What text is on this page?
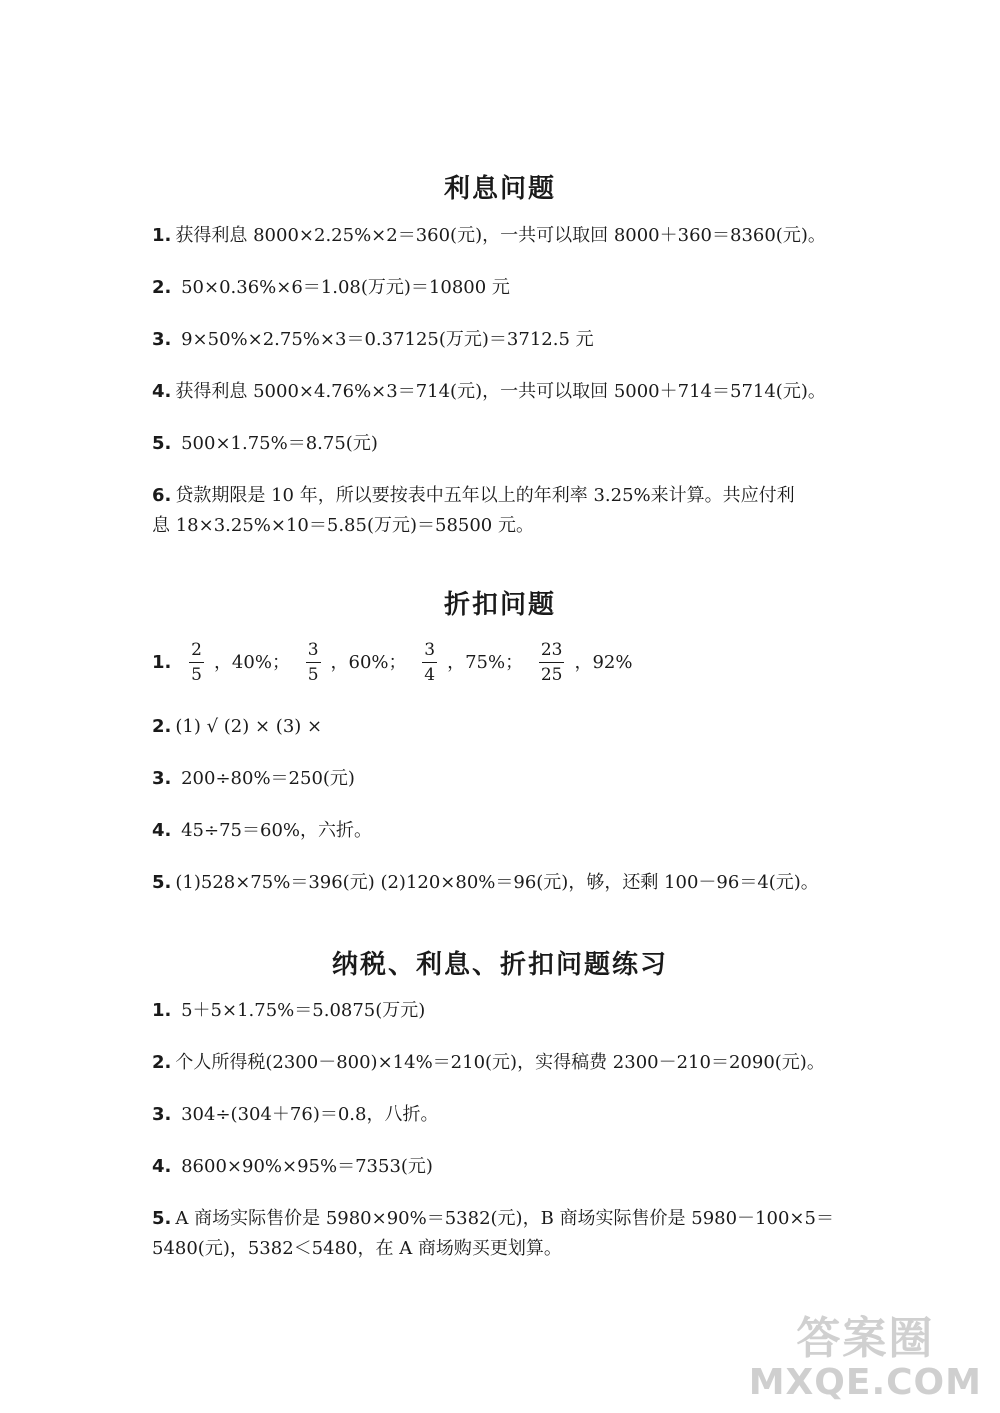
利息问题
1. 获得利息 8000×2.25%×2＝360(元)，一共可以取回 8000＋360＝8360(元)。
2. 50×0.36%×6＝1.08(万元)＝10800 元
3. 9×50%×2.75%×3＝0.37125(万元)＝3712.5 元
4. 获得利息 5000×4.76%×3＝714(元)，一共可以取回 5000＋714＝5714(元)。
5. 500×1.75%＝8.75(元)
6. 贷款期限是 10 年，所以要按表中五年以上的年利率 3.25%来计算。共应付利
息 18×3.25%×10＝5.85(万元)＝58500 元。
折扣问题
1. $\frac{2}{5}$ ，40%； $\frac{3}{5}$ ，60%； $\frac{3}{4}$ ，75%； $\frac{23}{25}$ ，92%
2. (1) √ (2) × (3) ×
3. 200÷80%＝250(元)
4. 45÷75＝60%，六折。
5. (1)528×75%＝396(元) (2)120×80%＝96(元)，够，还剩 100－96＝4(元)。
纳税、利息、折扣问题练习
1. 5＋5×1.75%＝5.0875(万元)
2. 个人所得税(2300－800)×14%＝210(元)，实得稿费 2300－210＝2090(元)。
3. 304÷(304＋76)＝0.8，八折。
4. 8600×90%×95%＝7353(元)
5. A 商场实际售价是 5980×90%＝5382(元)，B 商场实际售价是 5980－100×5＝
5480(元)，5382＜5480，在 A 商场购买更划算。
答案圈
MXQE.COM
